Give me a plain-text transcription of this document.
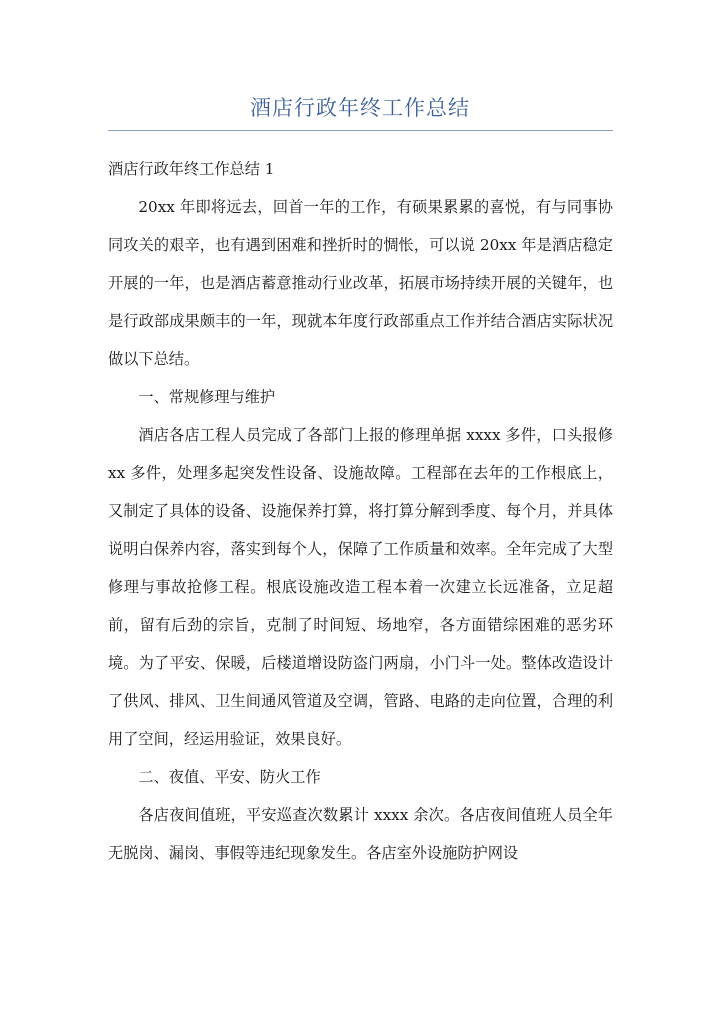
酒店行政年终工作总结

酒店行政年终工作总结 1

20xx 年即将远去，回首一年的工作，有硕果累累的喜悦，有与同事协同攻关的艰辛，也有遇到困难和挫折时的惆怅，可以说 20xx 年是酒店稳定开展的一年，也是酒店蓄意推动行业改革，拓展市场持续开展的关键年，也是行政部成果颇丰的一年，现就本年度行政部重点工作并结合酒店实际状况做以下总结。

一、常规修理与维护

酒店各店工程人员完成了各部门上报的修理单据 xxxx 多件，口头报修 xx 多件，处理多起突发性设备、设施故障。工程部在去年的工作根底上，又制定了具体的设备、设施保养打算，将打算分解到季度、每个月，并具体说明白保养内容，落实到每个人，保障了工作质量和效率。全年完成了大型修理与事故抢修工程。根底设施改造工程本着一次建立长远准备，立足超前，留有后劲的宗旨，克制了时间短、场地窄，各方面错综困难的恶劣环境。为了平安、保暖，后楼道增设防盗门两扇，小门斗一处。整体改造设计了供风、排风、卫生间通风管道及空调，管路、电路的走向位置，合理的利用了空间，经运用验证，效果良好。

二、夜值、平安、防火工作

各店夜间值班，平安巡查次数累计 xxxx 余次。各店夜间值班人员全年无脱岗、漏岗、事假等违纪现象发生。各店室外设施防护网设
